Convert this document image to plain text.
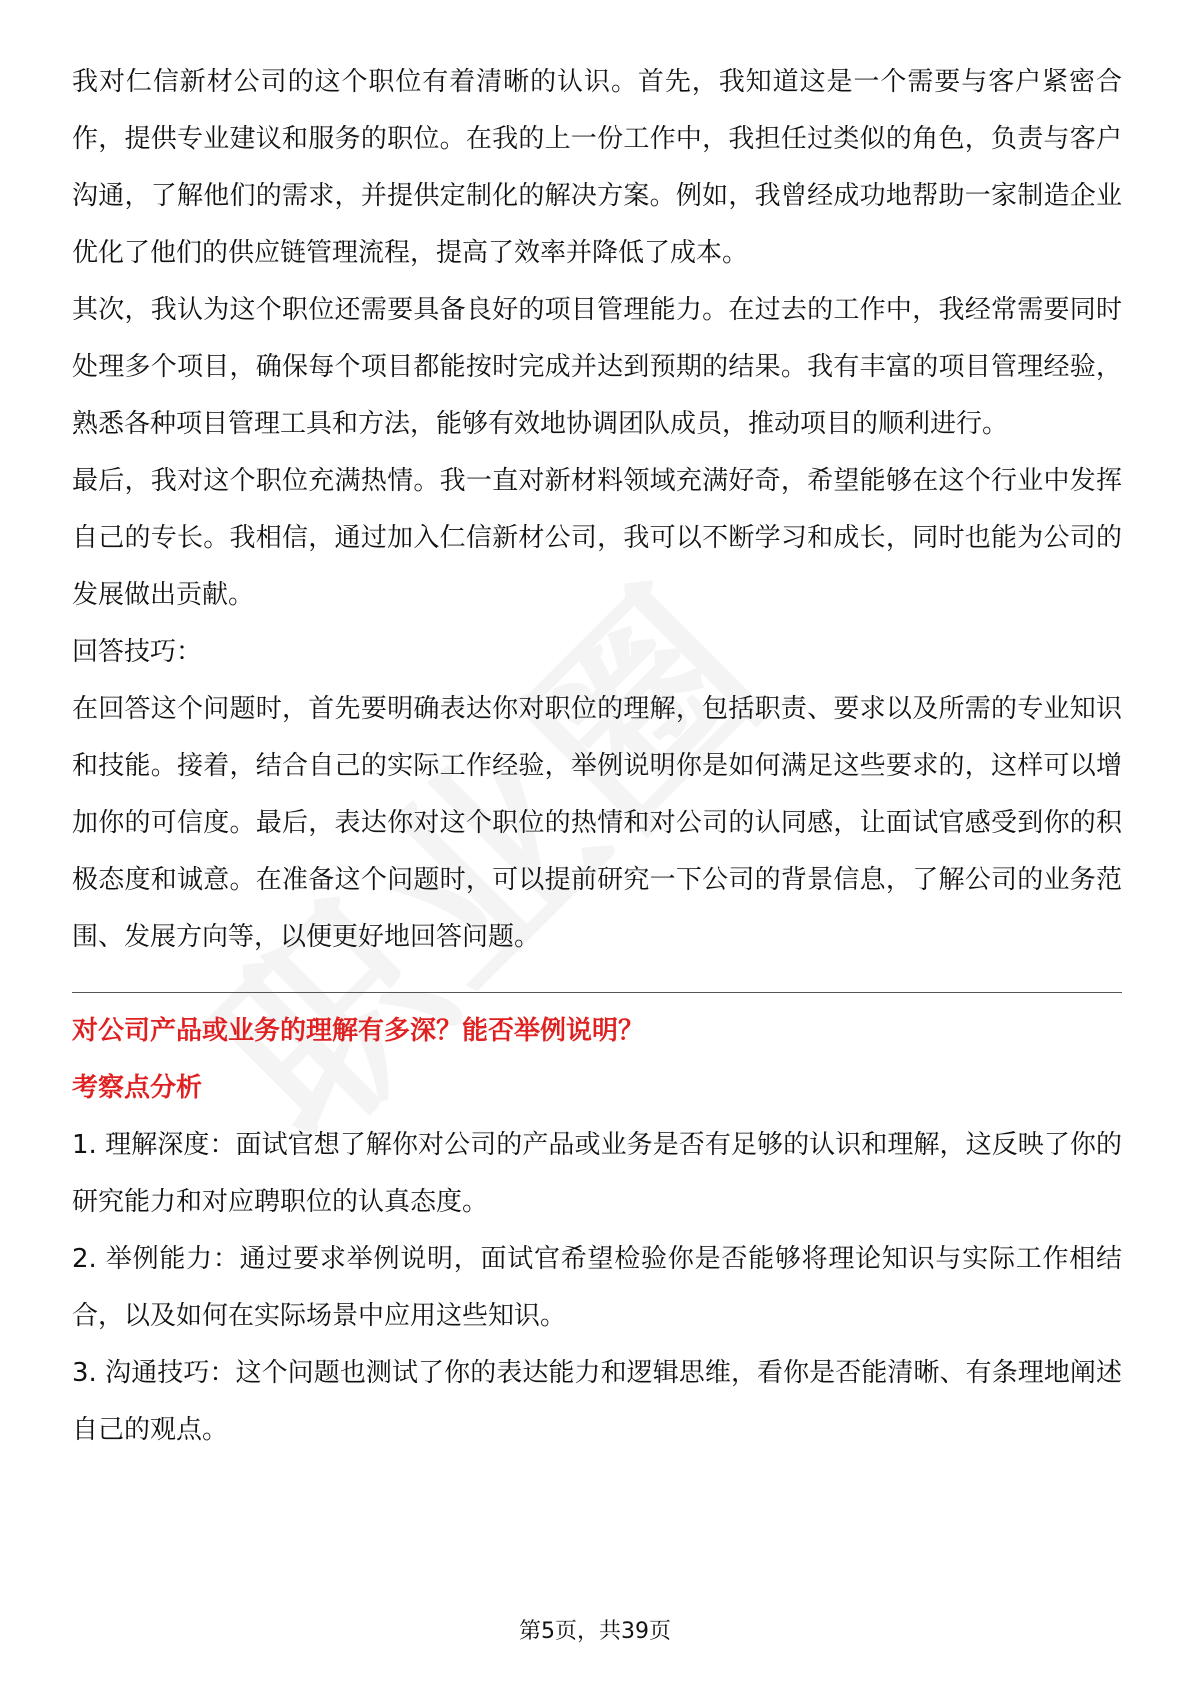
我对仁信新材公司的这个职位有着清晰的认识。首先，我知道这是一个需要与客户紧密合作，提供专业建议和服务的职位。在我的上一份工作中，我担任过类似的角色，负责与客户沟通，了解他们的需求，并提供定制化的解决方案。例如，我曾经成功地帮助一家制造企业优化了他们的供应链管理流程，提高了效率并降低了成本。

其次，我认为这个职位还需要具备良好的项目管理能力。在过去的工作中，我经常需要同时处理多个项目，确保每个项目都能按时完成并达到预期的结果。我有丰富的项目管理经验，熟悉各种项目管理工具和方法，能够有效地协调团队成员，推动项目的顺利进行。

最后，我对这个职位充满热情。我一直对新材料领域充满好奇，希望能够在这个行业中发挥自己的专长。我相信，通过加入仁信新材公司，我可以不断学习和成长，同时也能为公司的发展做出贡献。

回答技巧：

在回答这个问题时，首先要明确表达你对职位的理解，包括职责、要求以及所需的专业知识和技能。接着，结合自己的实际工作经验，举例说明你是如何满足这些要求的，这样可以增加你的可信度。最后，表达你对这个职位的热情和对公司的认同感，让面试官感受到你的积极态度和诚意。在准备这个问题时，可以提前研究一下公司的背景信息，了解公司的业务范围、发展方向等，以便更好地回答问题。

对公司产品或业务的理解有多深？能否举例说明？

考察点分析

1. 理解深度：面试官想了解你对公司的产品或业务是否有足够的认识和理解，这反映了你的研究能力和对应聘职位的认真态度。

2. 举例能力：通过要求举例说明，面试官希望检验你是否能够将理论知识与实际工作相结合，以及如何在实际场景中应用这些知识。

3. 沟通技巧：这个问题也测试了你的表达能力和逻辑思维，看你是否能清晰、有条理地阐述自己的观点。

第5页，共39页
